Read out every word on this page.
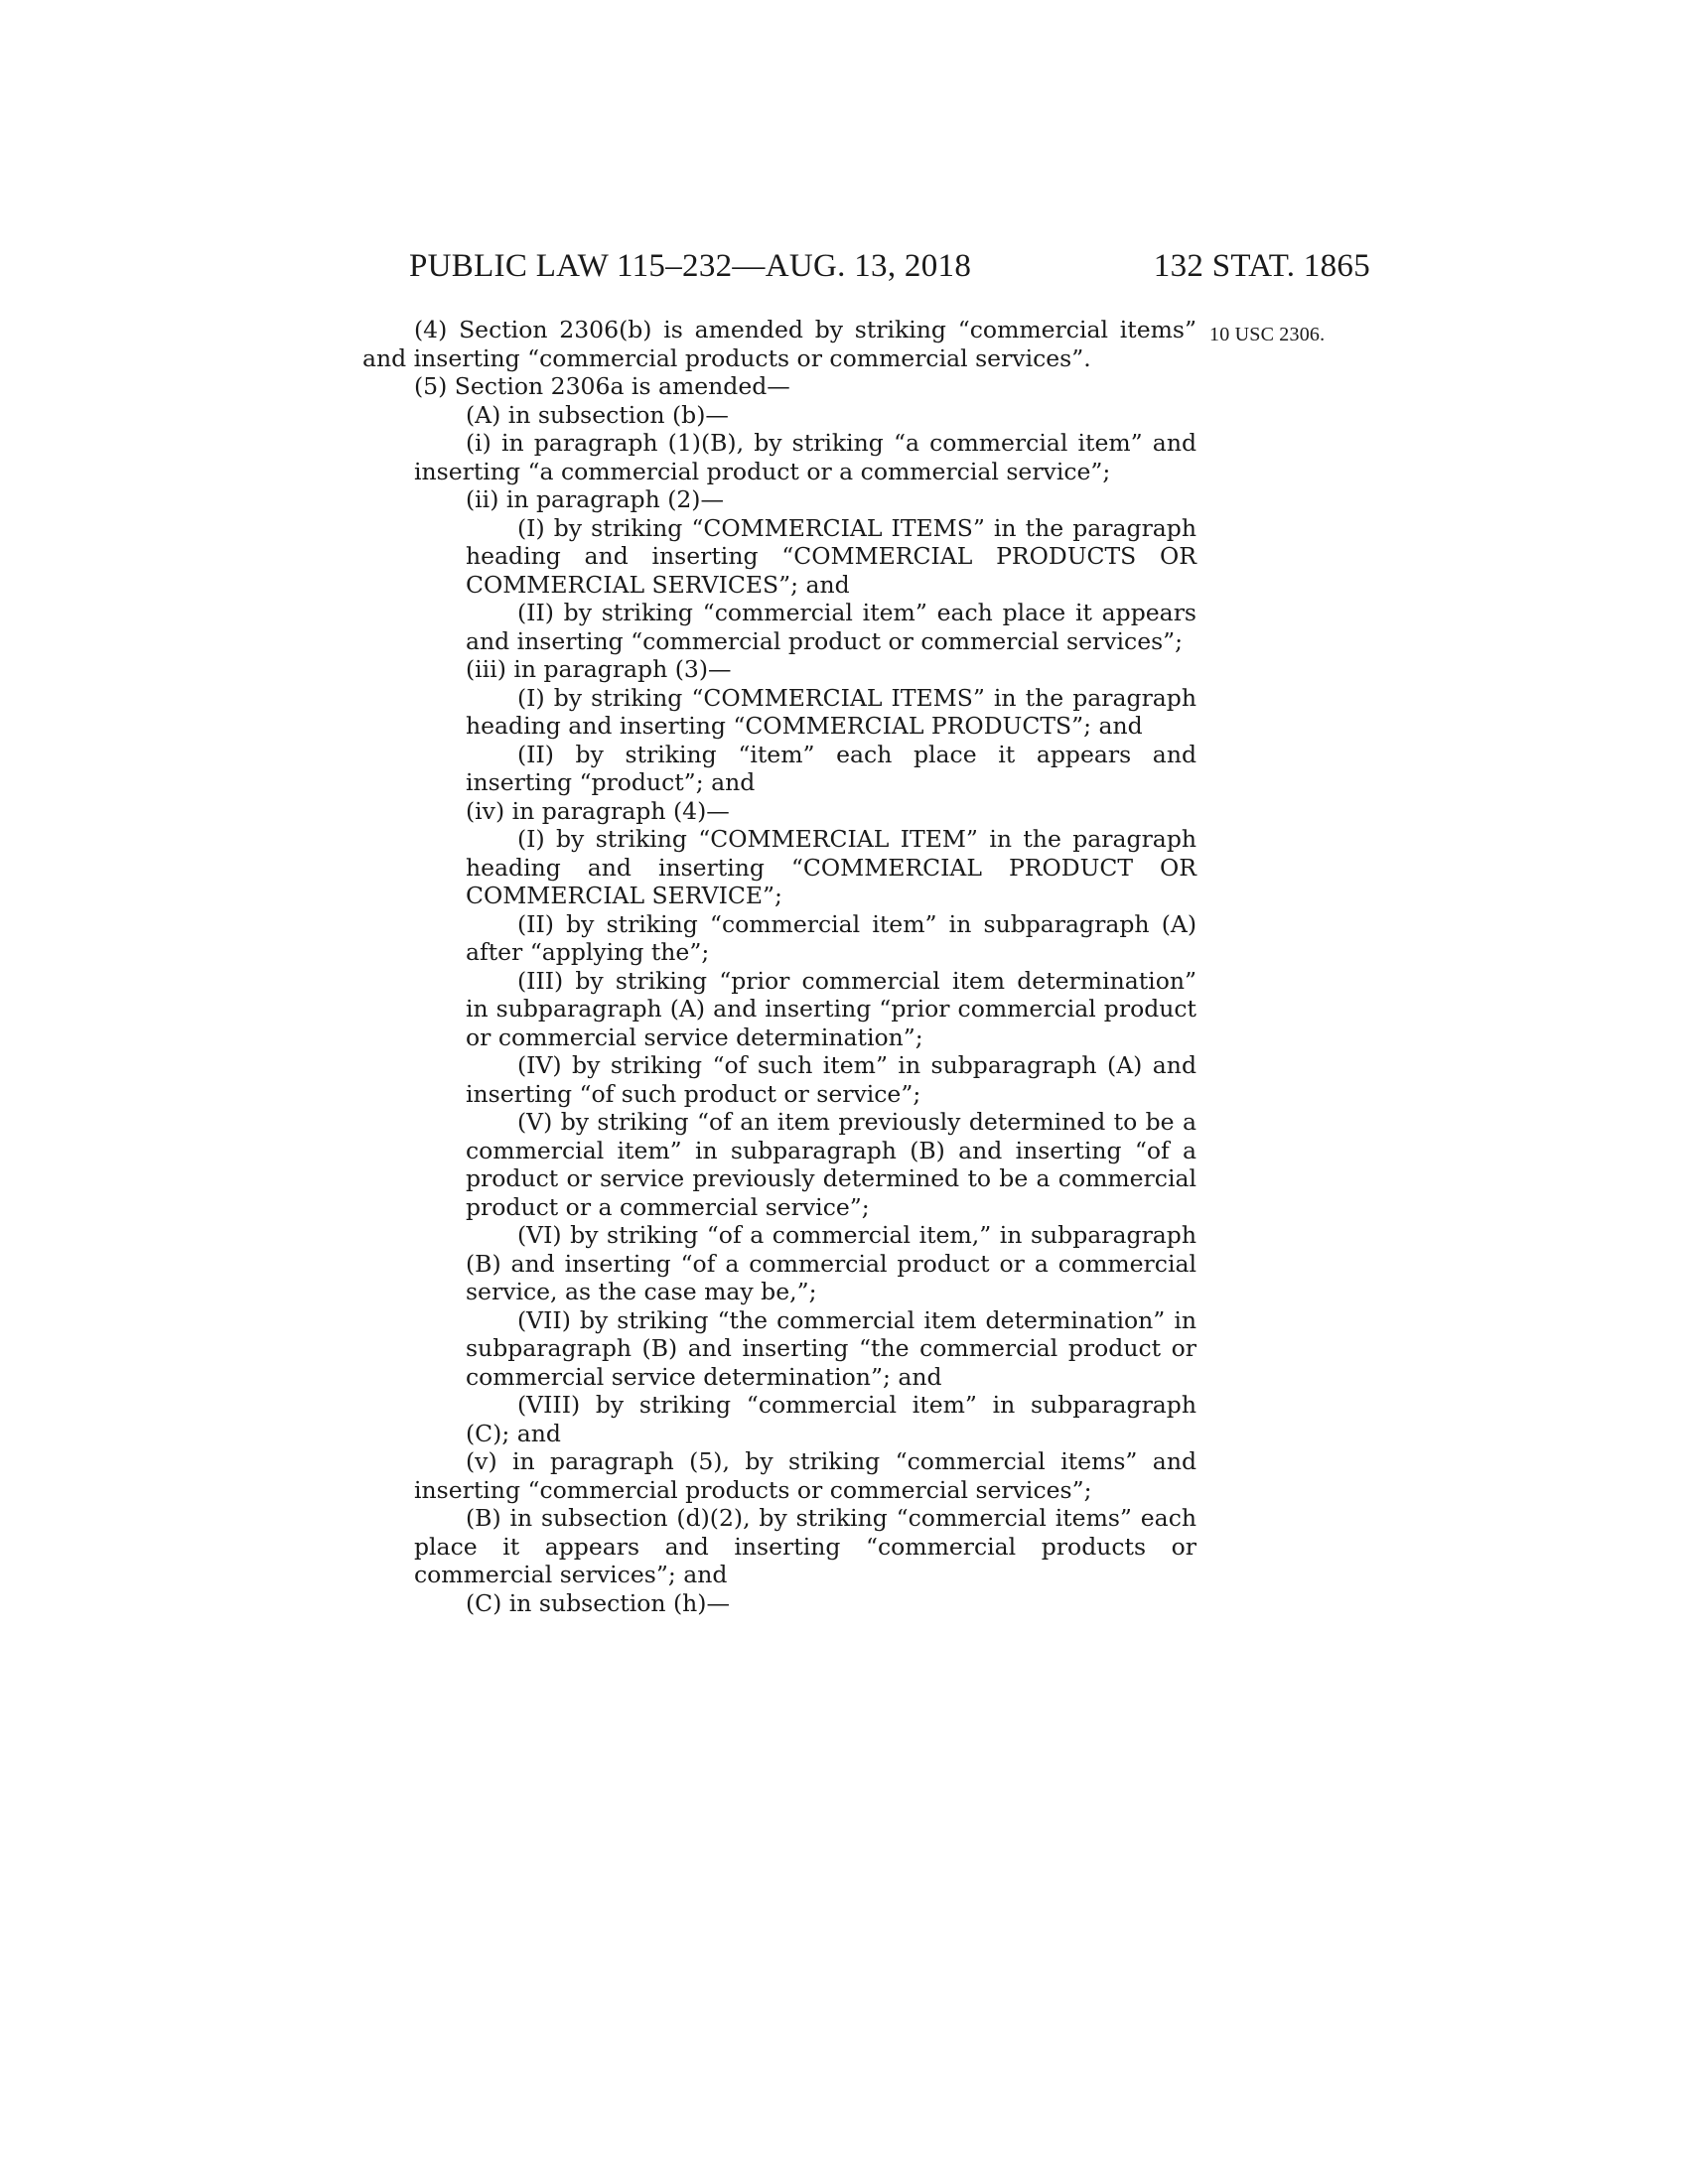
PUBLIC LAW 115–232—AUG. 13, 2018	132 STAT. 1865
10 USC 2306.

(4) Section 2306(b) is amended by striking “commercial items” and inserting “commercial products or commercial services”.

(5) Section 2306a is amended—

(A) in subsection (b)—

(i) in paragraph (1)(B), by striking “a commercial item” and inserting “a commercial product or a commercial service”;

(ii) in paragraph (2)—

(I) by striking “COMMERCIAL ITEMS” in the paragraph heading and inserting “COMMERCIAL PRODUCTS OR COMMERCIAL SERVICES”; and

(II) by striking “commercial item” each place it appears and inserting “commercial product or commercial services”;

(iii) in paragraph (3)—

(I) by striking “COMMERCIAL ITEMS” in the paragraph heading and inserting “COMMERCIAL PRODUCTS”; and

(II) by striking “item” each place it appears and inserting “product”; and

(iv) in paragraph (4)—

(I) by striking “COMMERCIAL ITEM” in the paragraph heading and inserting “COMMERCIAL PRODUCT OR COMMERCIAL SERVICE”;

(II) by striking “commercial item” in subparagraph (A) after “applying the”;

(III) by striking “prior commercial item determination” in subparagraph (A) and inserting “prior commercial product or commercial service determination”;

(IV) by striking “of such item” in subparagraph (A) and inserting “of such product or service”;

(V) by striking “of an item previously determined to be a commercial item” in subparagraph (B) and inserting “of a product or service previously determined to be a commercial product or a commercial service”;

(VI) by striking “of a commercial item,” in subparagraph (B) and inserting “of a commercial product or a commercial service, as the case may be,”;

(VII) by striking “the commercial item determination” in subparagraph (B) and inserting “the commercial product or commercial service determination”; and

(VIII) by striking “commercial item” in subparagraph (C); and

(v) in paragraph (5), by striking “commercial items” and inserting “commercial products or commercial services”;

(B) in subsection (d)(2), by striking “commercial items” each place it appears and inserting “commercial products or commercial services”; and

(C) in subsection (h)—
